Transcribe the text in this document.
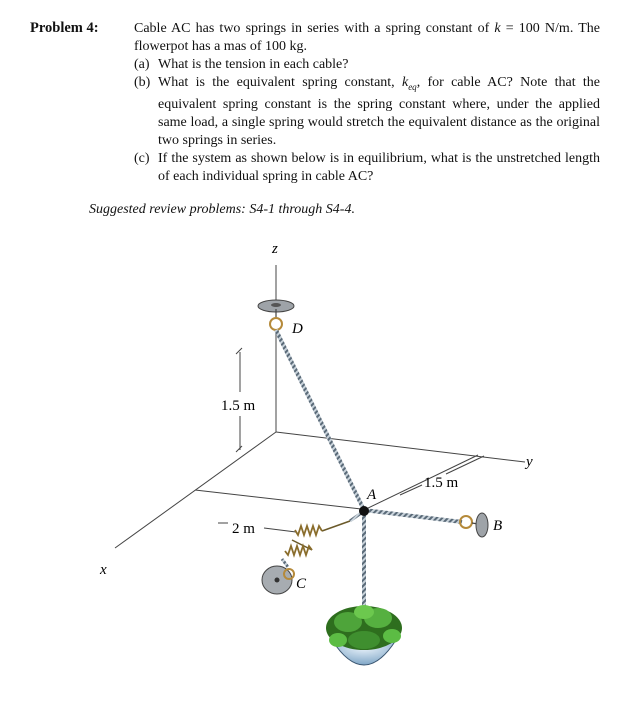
Problem 4:	Cable AC has two springs in series with a spring constant of k = 100 N/m. The flowerpot has a mas of 100 kg.
(a) What is the tension in each cable?
(b) What is the equivalent spring constant, $k_{eq}$, for cable AC? Note that the equivalent spring constant is the spring constant where, under the applied same load, a single spring would stretch the equivalent distance as the original two springs in series.
(c) If the system as shown below is in equilibrium, what is the unstretched length of each individual spring in cable AC?
Suggested review problems: S4-1 through S4-4.
z
D
y
x
1.5 m
1.5 m
2 m	B
A
C
